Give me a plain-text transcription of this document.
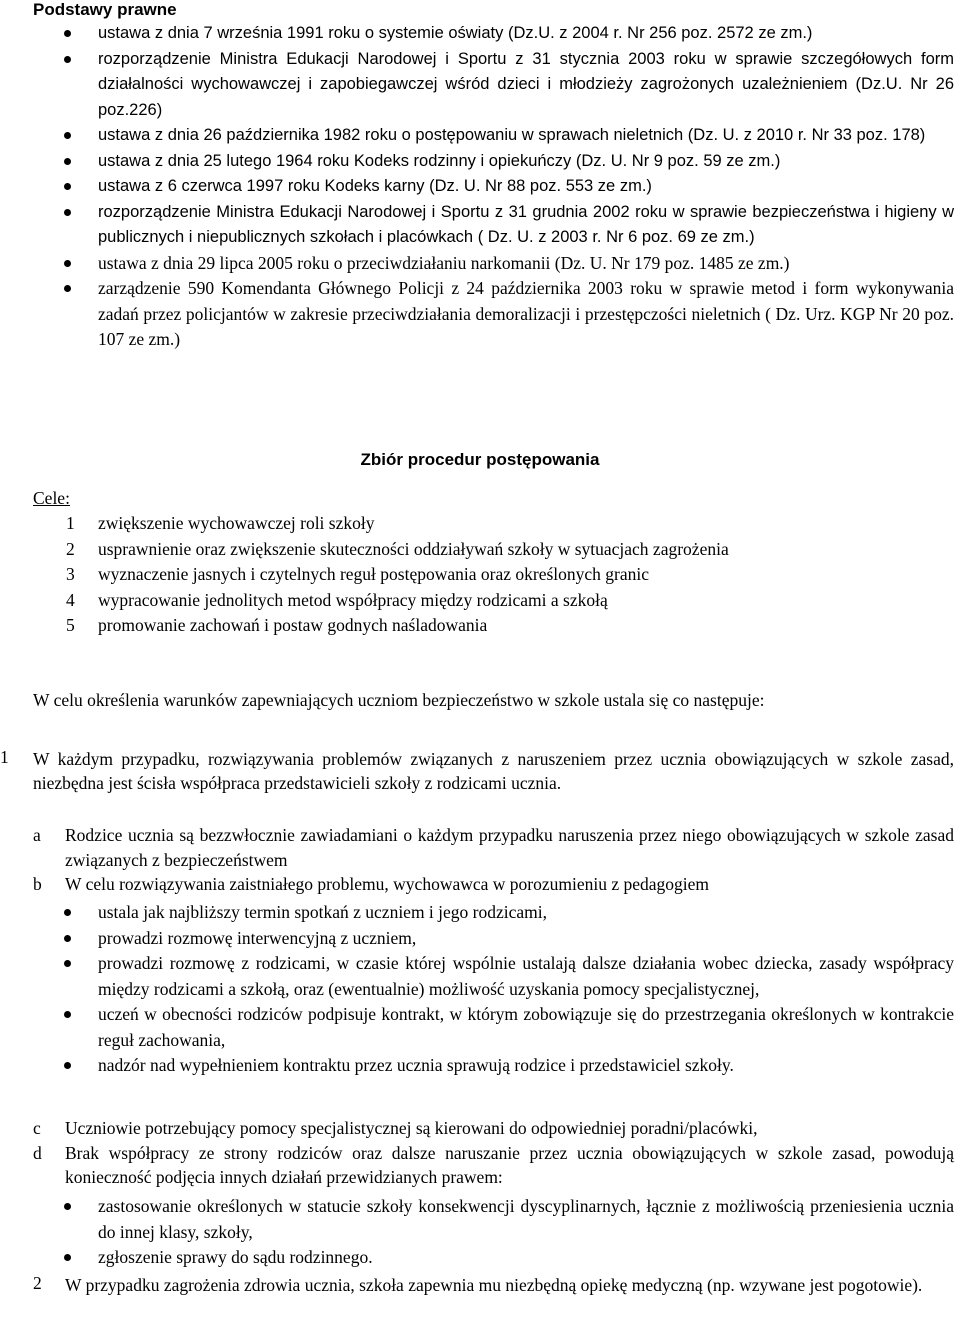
Podstawy prawne
ustawa z dnia 7 września 1991 roku o systemie oświaty (Dz.U. z 2004 r. Nr 256 poz. 2572 ze zm.)
rozporządzenie Ministra Edukacji Narodowej i Sportu z 31 stycznia 2003 roku w sprawie szczegółowych form działalności wychowawczej i zapobiegawczej wśród dzieci i młodzieży zagrożonych uzależnieniem (Dz.U. Nr 26 poz.226)
ustawa z dnia 26 października 1982 roku o postępowaniu w sprawach nieletnich (Dz. U. z 2010 r. Nr 33 poz. 178)
ustawa z dnia 25 lutego 1964 roku Kodeks rodzinny i opiekuńczy (Dz. U. Nr 9 poz. 59 ze zm.)
ustawa z 6 czerwca 1997 roku Kodeks karny (Dz. U. Nr 88 poz. 553 ze zm.)
rozporządzenie Ministra Edukacji Narodowej i Sportu z 31 grudnia 2002 roku w sprawie bezpieczeństwa i higieny w publicznych i niepublicznych szkołach i placówkach ( Dz. U. z 2003 r. Nr 6 poz. 69 ze zm.)
ustawa z dnia 29 lipca 2005 roku o przeciwdziałaniu narkomanii (Dz. U. Nr 179 poz. 1485 ze zm.)
zarządzenie 590 Komendanta Głównego Policji z 24 października 2003 roku w sprawie metod i form wykonywania zadań przez policjantów w zakresie przeciwdziałania demoralizacji i przestępczości nieletnich ( Dz. Urz. KGP Nr 20 poz. 107 ze zm.)
Zbiór procedur postępowania
Cele:
1 zwiększenie wychowawczej roli szkoły
2 usprawnienie oraz zwiększenie skuteczności oddziaływań szkoły w sytuacjach zagrożenia
3 wyznaczenie jasnych i czytelnych reguł postępowania oraz określonych granic
4 wypracowanie jednolitych metod współpracy między rodzicami a szkołą
5 promowanie zachowań i postaw godnych naśladowania
W celu określenia warunków zapewniających uczniom bezpieczeństwo w szkole ustala się co następuje:
1 W każdym przypadku, rozwiązywania problemów związanych z naruszeniem przez ucznia obowiązujących w szkole zasad, niezbędna jest ścisła współpraca przedstawicieli szkoły z rodzicami ucznia.
a Rodzice ucznia są bezzwłocznie zawiadamiani o każdym przypadku naruszenia przez niego obowiązujących w szkole zasad związanych z bezpieczeństwem
b W celu rozwiązywania zaistniałego problemu, wychowawca w porozumieniu z pedagogiem
ustala jak najbliższy termin spotkań z uczniem i jego rodzicami,
prowadzi rozmowę interwencyjną z uczniem,
prowadzi rozmowę z rodzicami, w czasie której wspólnie ustalają dalsze działania wobec dziecka, zasady współpracy między rodzicami a szkołą, oraz (ewentualnie) możliwość uzyskania pomocy specjalistycznej,
uczeń w obecności rodziców podpisuje kontrakt, w którym zobowiązuje się do przestrzegania określonych w kontrakcie reguł zachowania,
nadzór nad wypełnieniem kontraktu przez ucznia sprawują rodzice i przedstawiciel szkoły.
c Uczniowie potrzebujący pomocy specjalistycznej są kierowani do odpowiedniej poradni/placówki,
d Brak współpracy ze strony rodziców oraz dalsze naruszanie przez ucznia obowiązujących w szkole zasad, powodują konieczność podjęcia innych działań przewidzianych prawem:
zastosowanie określonych w statucie szkoły konsekwencji dyscyplinarnych, łącznie z możliwością przeniesienia ucznia do innej klasy, szkoły,
zgłoszenie sprawy do sądu rodzinnego.
2 W przypadku zagrożenia zdrowia ucznia, szkoła zapewnia mu niezbędną opiekę medyczną (np. wzywane jest pogotowie).
